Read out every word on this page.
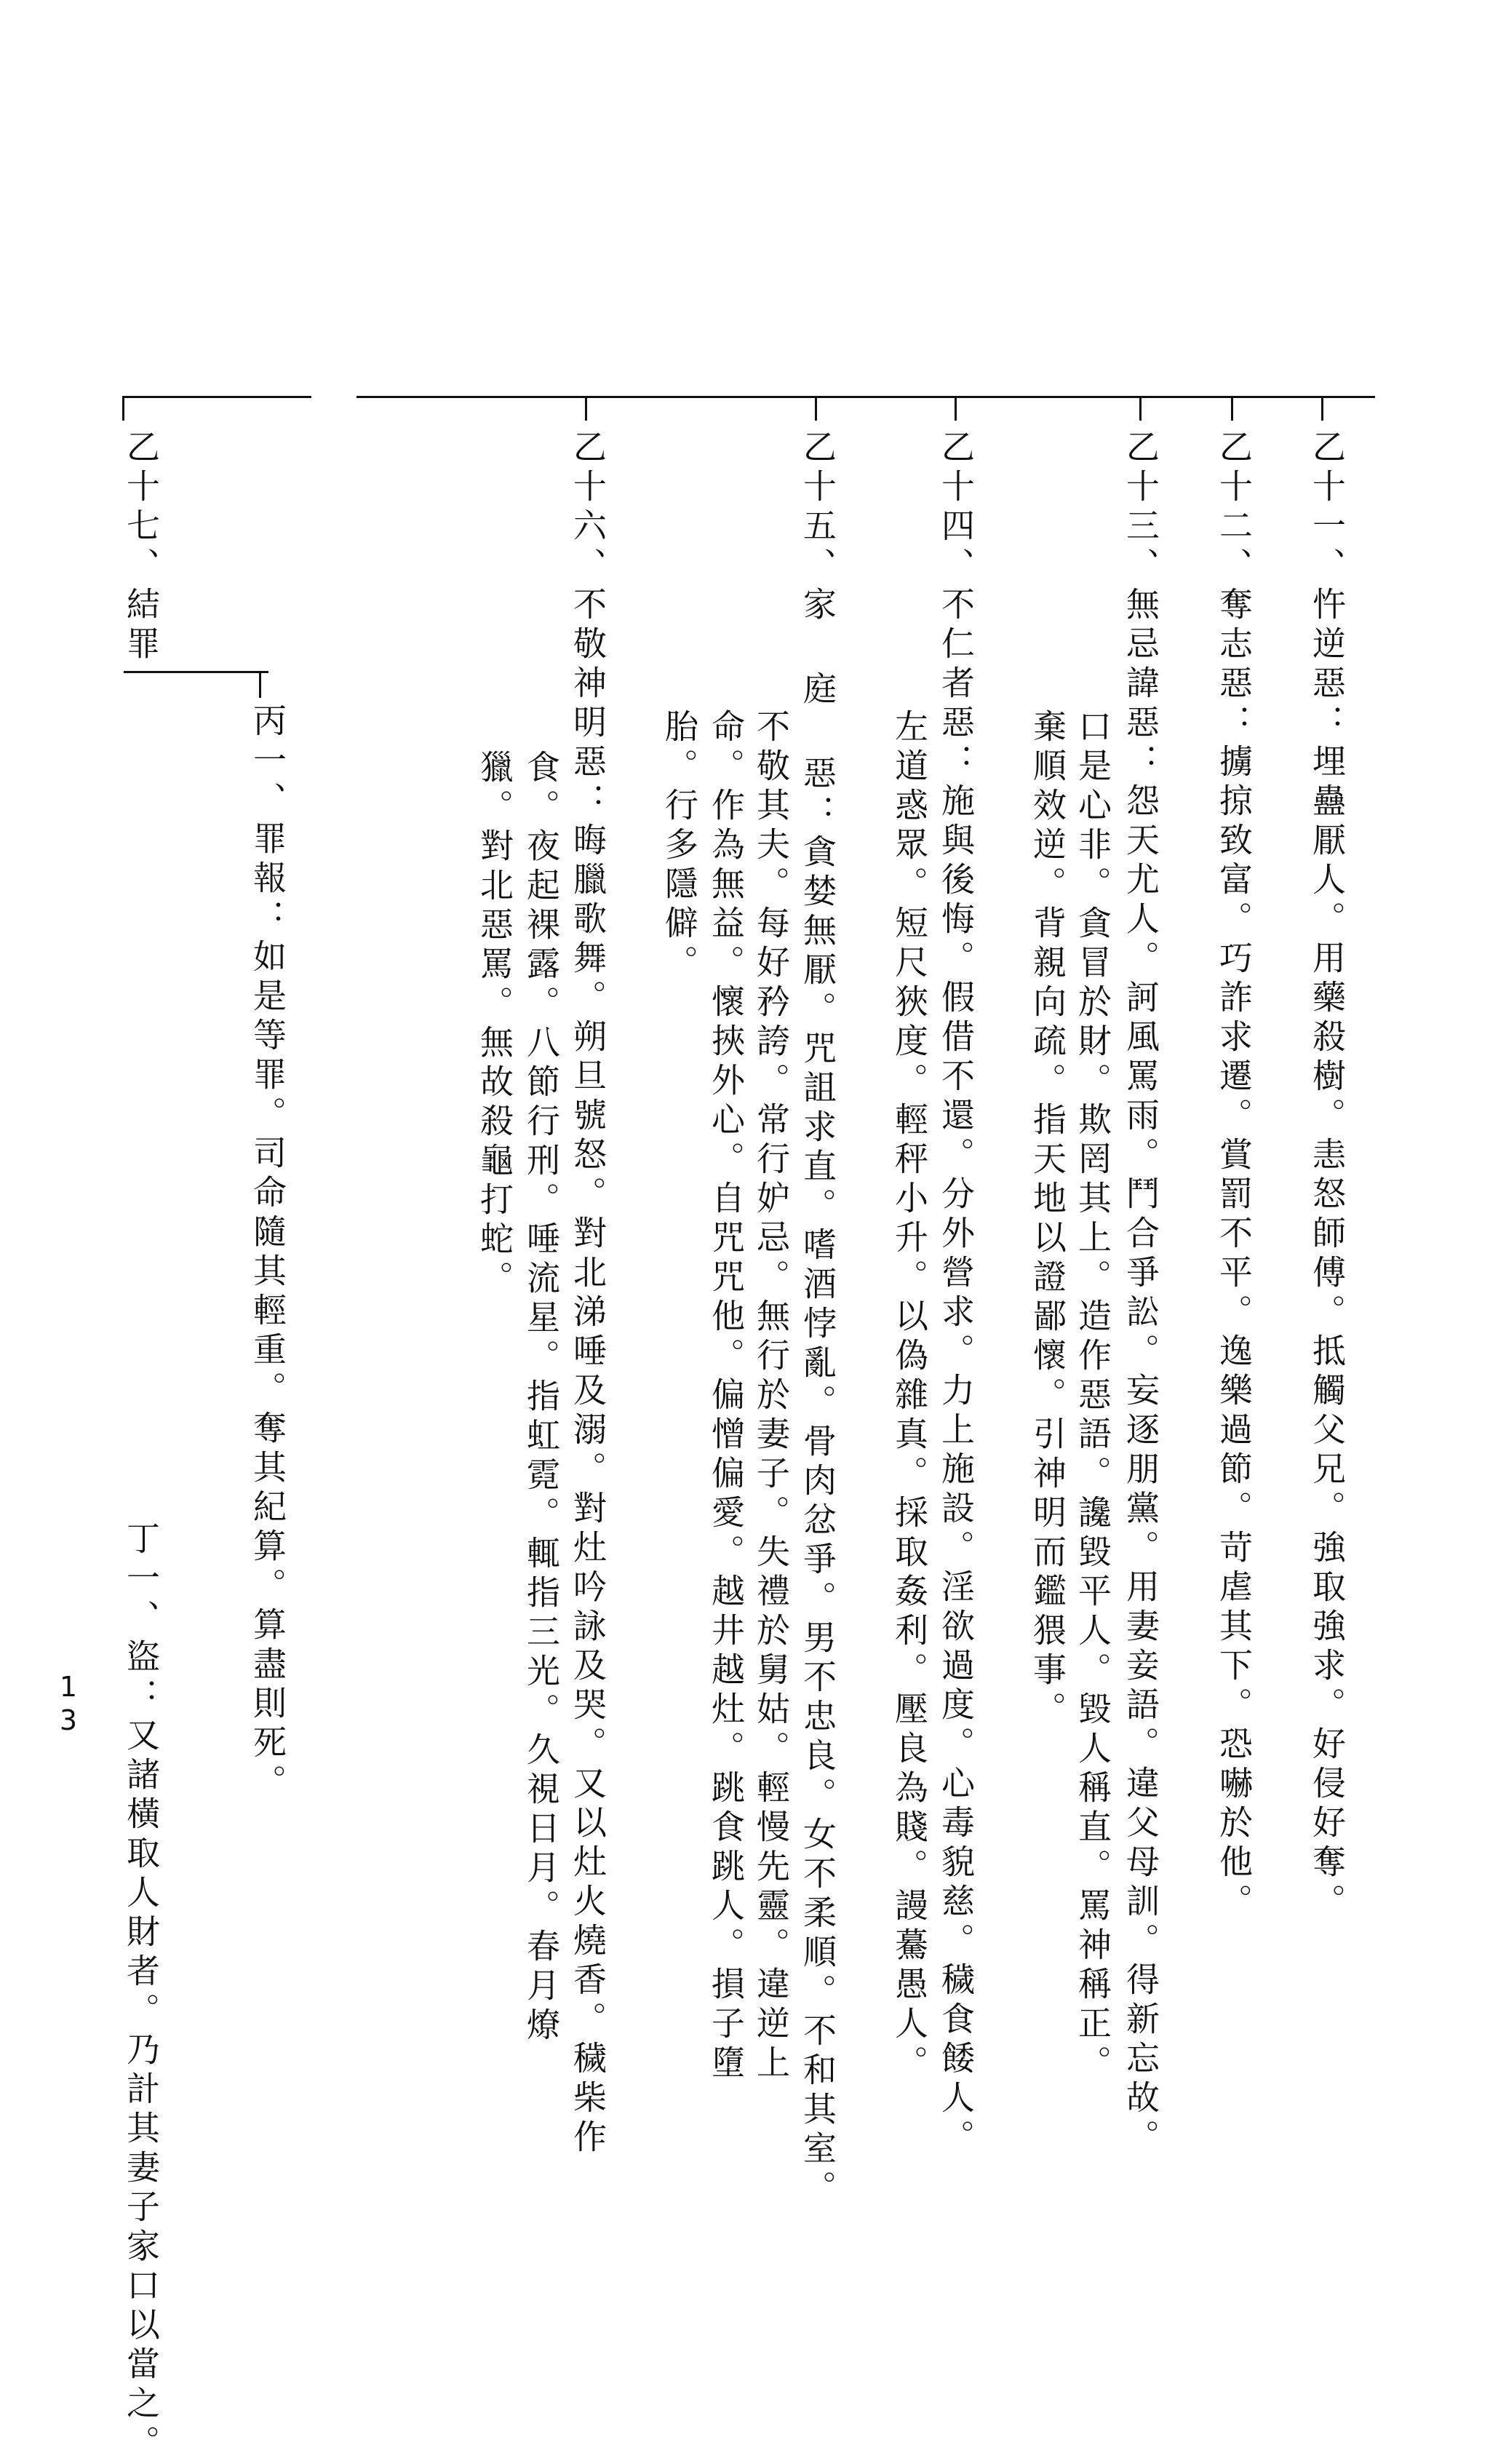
乙十一、忤逆惡：埋蠱厭人。用藥殺樹。恚怒師傅。抵觸父兄。強取強求。好侵好奪。
乙十二、奪志惡：擄掠致富。巧詐求遷。賞罰不平。逸樂過節。苛虐其下。恐嚇於他。
乙十三、無忌諱惡：怨天尤人。訶風罵雨。鬥合爭訟。妄逐朋黨。用妻妾語。違父母訓。得新忘故。
口是心非。貪冒於財。欺罔其上。造作惡語。讒毀平人。毀人稱直。罵神稱正。
棄順效逆。背親向疏。指天地以證鄙懷。引神明而鑑猥事。
乙十四、不仁者惡：施與後悔。假借不還。分外營求。力上施設。淫欲過度。心毒貌慈。穢食餧人。
左道惑眾。短尺狹度。輕秤小升。以偽雜真。採取姦利。壓良為賤。謾驀愚人。
乙十五、家 庭 惡：貪婪無厭。咒詛求直。嗜酒悖亂。骨肉忿爭。男不忠良。女不柔順。不和其室。
不敬其夫。每好矜誇。常行妒忌。無行於妻子。失禮於舅姑。輕慢先靈。違逆上
命。作為無益。懷挾外心。自咒咒他。偏憎偏愛。越井越灶。跳食跳人。損子墮
胎。行多隱僻。
乙十六、不敬神明惡：晦臘歌舞。朔旦號怒。對北涕唾及溺。對灶吟詠及哭。又以灶火燒香。穢柴作
食。夜起裸露。八節行刑。唾流星。指虹霓。輒指三光。久視日月。春月燎
獵。對北惡罵。無故殺龜打蛇。
丙一、罪報：如是等罪。司命隨其輕重。奪其紀算。算盡則死。
乙十七、結罪
丁一、盜：又諸橫取人財者。乃計其妻子家口以當之。
13
